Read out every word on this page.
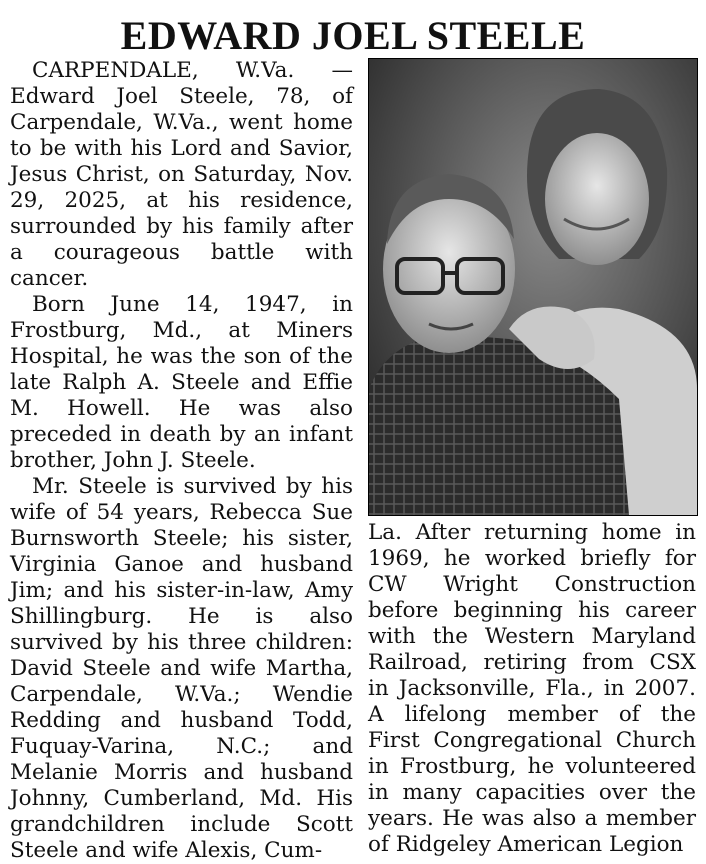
EDWARD JOEL STEELE

CARPENDALE, W.Va. — Edward Joel Steele, 78, of Carpendale, W.Va., went home to be with his Lord and Savior, Jesus Christ, on Saturday, Nov. 29, 2025, at his residence, surrounded by his family after a courageous battle with cancer.

Born June 14, 1947, in Frostburg, Md., at Miners Hospital, he was the son of the late Ralph A. Steele and Effie M. Howell. He was also preceded in death by an infant brother, John J. Steele.

Mr. Steele is survived by his wife of 54 years, Rebecca Sue Burnsworth Steele; his sister, Virginia Ganoe and husband Jim; and his sister-in-law, Amy Shillingburg. He is also survived by his three children: David Steele and wife Martha, Carpendale, W.Va.; Wendie Redding and husband Todd, Fuquay-Varina, N.C.; and Melanie Morris and husband Johnny, Cumberland, Md. His grandchildren include Scott Steele and wife Alexis, Cum-

La. After returning home in 1969, he worked briefly for CW Wright Construction before beginning his career with the Western Maryland Railroad, retiring from CSX in Jacksonville, Fla., in 2007. A lifelong member of the First Congregational Church in Frostburg, he volunteered in many capacities over the years. He was also a member of Ridgeley American Legion
